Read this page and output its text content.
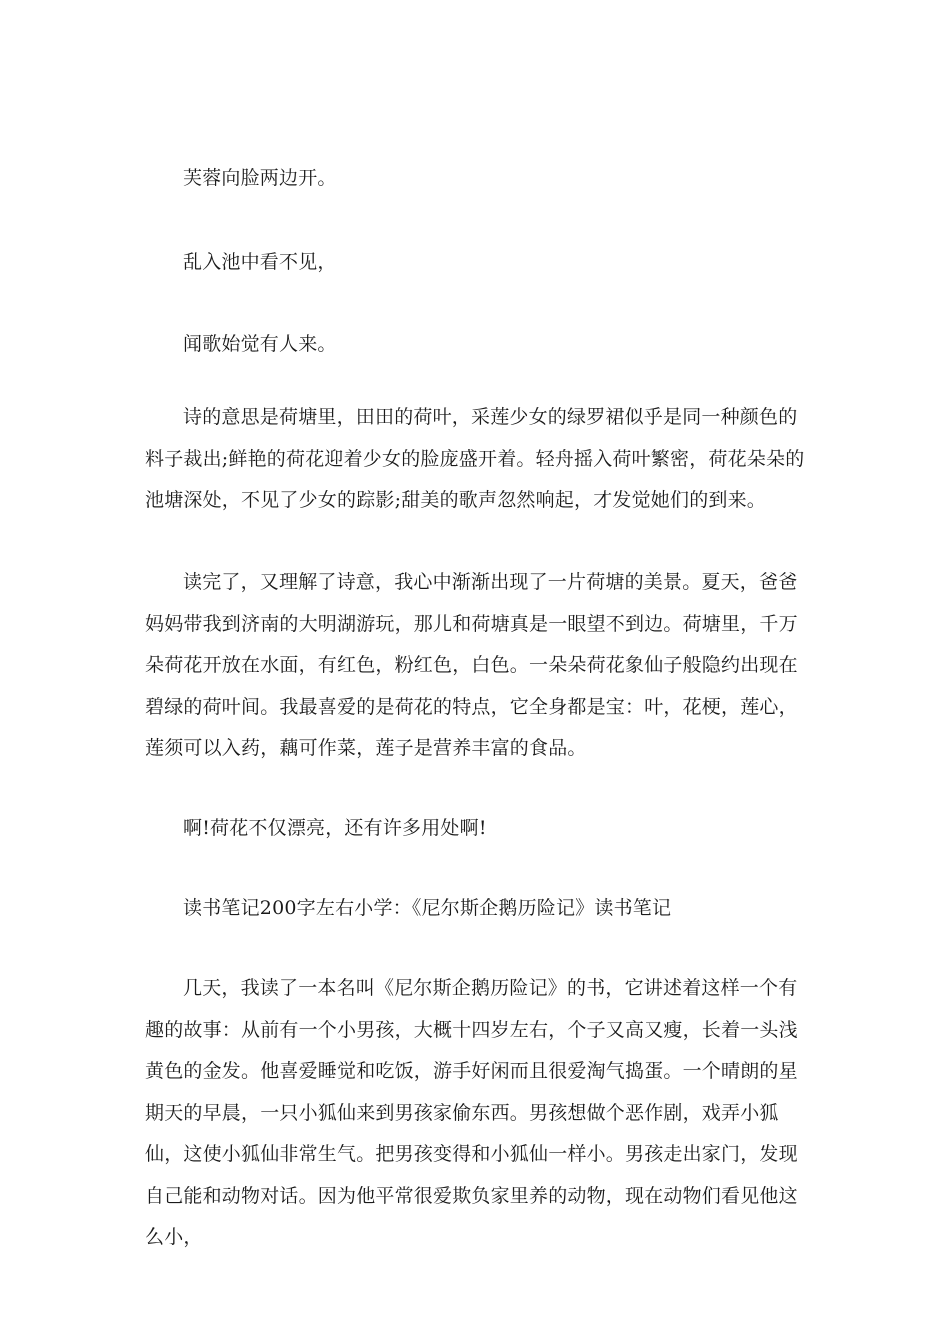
芙蓉向脸两边开。

乱入池中看不见，

闻歌始觉有人来。

诗的意思是荷塘里，田田的荷叶，采莲少女的绿罗裙似乎是同一种颜色的料子裁出;鲜艳的荷花迎着少女的脸庞盛开着。轻舟摇入荷叶繁密，荷花朵朵的池塘深处，不见了少女的踪影;甜美的歌声忽然响起，才发觉她们的到来。

读完了，又理解了诗意，我心中渐渐出现了一片荷塘的美景。夏天，爸爸妈妈带我到济南的大明湖游玩，那儿和荷塘真是一眼望不到边。荷塘里，千万朵荷花开放在水面，有红色，粉红色，白色。一朵朵荷花象仙子般隐约出现在碧绿的荷叶间。我最喜爱的是荷花的特点，它全身都是宝：叶，花梗，莲心，莲须可以入药，藕可作菜，莲子是营养丰富的食品。

啊!荷花不仅漂亮，还有许多用处啊!

读书笔记200字左右小学：《尼尔斯企鹅历险记》读书笔记

几天，我读了一本名叫《尼尔斯企鹅历险记》的书，它讲述着这样一个有趣的故事：从前有一个小男孩，大概十四岁左右，个子又高又瘦，长着一头浅黄色的金发。他喜爱睡觉和吃饭，游手好闲而且很爱淘气捣蛋。一个晴朗的星期天的早晨，一只小狐仙来到男孩家偷东西。男孩想做个恶作剧，戏弄小狐仙，这使小狐仙非常生气。把男孩变得和小狐仙一样小。男孩走出家门，发现自己能和动物对话。因为他平常很爱欺负家里养的动物，现在动物们看见他这么小，
